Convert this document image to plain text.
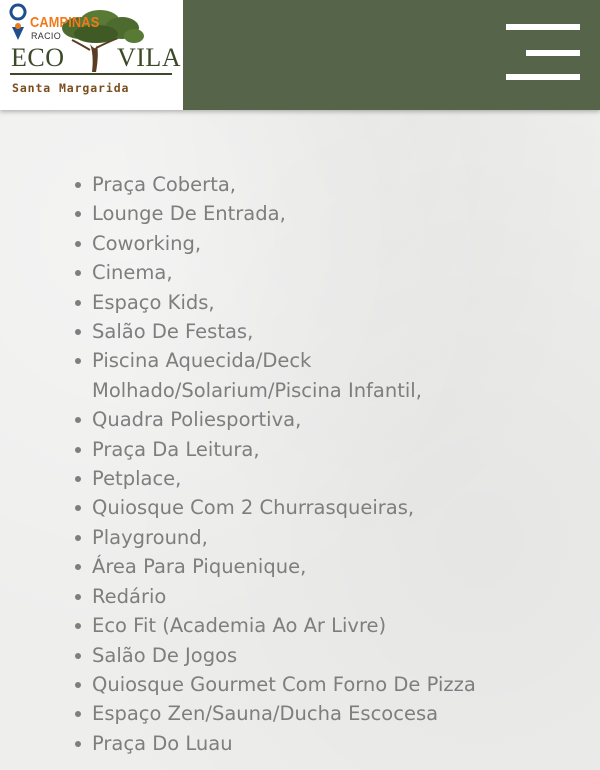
CAMPINAS
RACIO
ECO VILA
Santa Margarida
Praça Coberta,
Lounge De Entrada,
Coworking,
Cinema,
Espaço Kids,
Salão De Festas,
Piscina Aquecida/Deck Molhado/Solarium/Piscina Infantil,
Quadra Poliesportiva,
Praça Da Leitura,
Petplace,
Quiosque Com 2 Churrasqueiras,
Playground,
Área Para Piquenique,
Redário
Eco Fit (Academia Ao Ar Livre)
Salão De Jogos
Quiosque Gourmet Com Forno De Pizza
Espaço Zen/Sauna/Ducha Escocesa
Praça Do Luau
